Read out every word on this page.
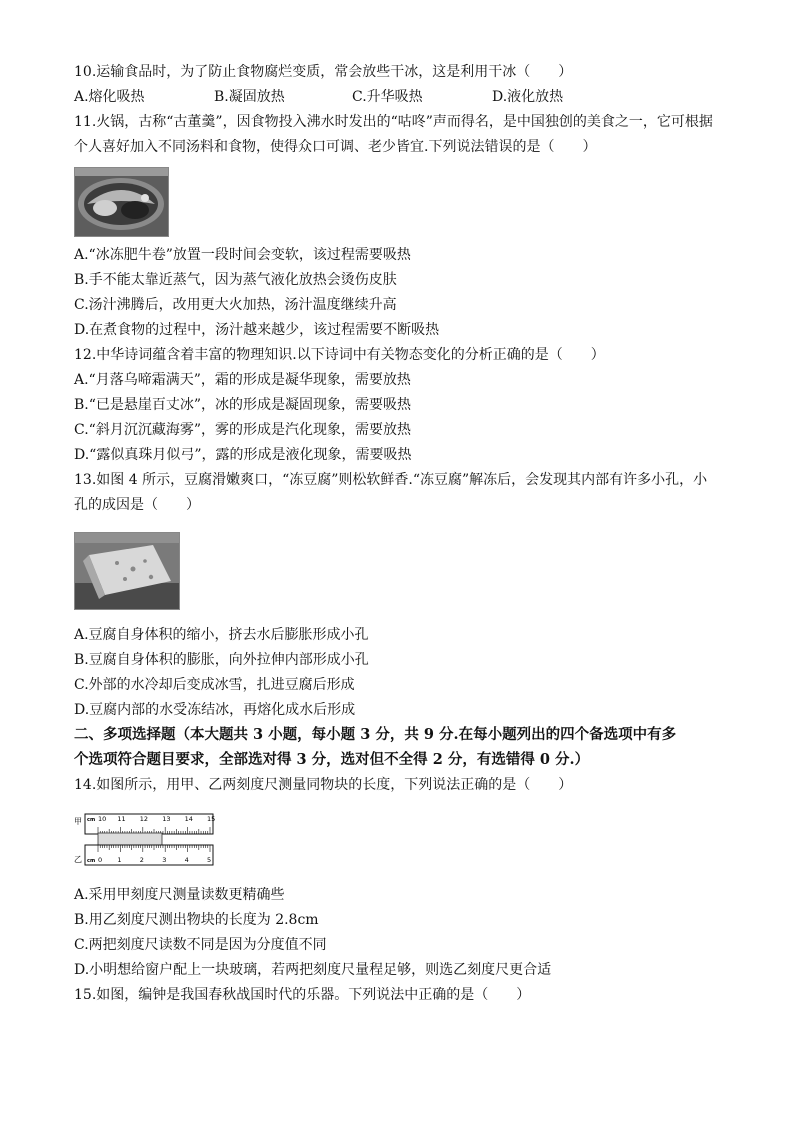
10.运输食品时，为了防止食物腐烂变质，常会放些干冰，这是利用干冰（　　）
A.熔化吸热	B.凝固放热	C.升华吸热	D.液化放热
11.火锅，古称“古董羹”，因食物投入沸水时发出的“咕咚”声而得名，是中国独创的美食之一，它可根据
个人喜好加入不同汤料和食物，使得众口可调、老少皆宜.下列说法错误的是（　　）
A.“冰冻肥牛卷”放置一段时间会变软，该过程需要吸热
B.手不能太靠近蒸气，因为蒸气液化放热会烫伤皮肤
C.汤汁沸腾后，改用更大火加热，汤汁温度继续升高
D.在煮食物的过程中，汤汁越来越少，该过程需要不断吸热
12.中华诗词蕴含着丰富的物理知识.以下诗词中有关物态变化的分析正确的是（　　）
A.“月落乌啼霜满天”，霜的形成是凝华现象，需要放热
B.“已是悬崖百丈冰”，冰的形成是凝固现象，需要吸热
C.“斜月沉沉藏海雾”，雾的形成是汽化现象，需要放热
D.“露似真珠月似弓”，露的形成是液化现象，需要吸热
13.如图 4 所示，豆腐滑嫩爽口，“冻豆腐”则松软鲜香.“冻豆腐”解冻后，会发现其内部有许多小孔，小
孔的成因是（　　）
A.豆腐自身体积的缩小，挤去水后膨胀形成小孔
B.豆腐自身体积的膨胀，向外拉伸内部形成小孔
C.外部的水冷却后变成冰雪，扎进豆腐后形成
D.豆腐内部的水受冻结冰，再熔化成水后形成
二、多项选择题（本大题共 3 小题，每小题 3 分，共 9 分.在每小题列出的四个备选项中有多
个选项符合题目要求，全部选对得 3 分，选对但不全得 2 分，有选错得 0 分.）
14.如图所示，用甲、乙两刻度尺测量同物块的长度，下列说法正确的是（　　）
甲 cm 10 11 12 13 14 15
乙 cm 0 1	2	3	4	5
A.采用甲刻度尺测量读数更精确些
B.用乙刻度尺测出物块的长度为 2.8cm
C.两把刻度尺读数不同是因为分度值不同
D.小明想给窗户配上一块玻璃，若两把刻度尺量程足够，则选乙刻度尺更合适
15.如图，编钟是我国春秋战国时代的乐器。下列说法中正确的是（　　）
